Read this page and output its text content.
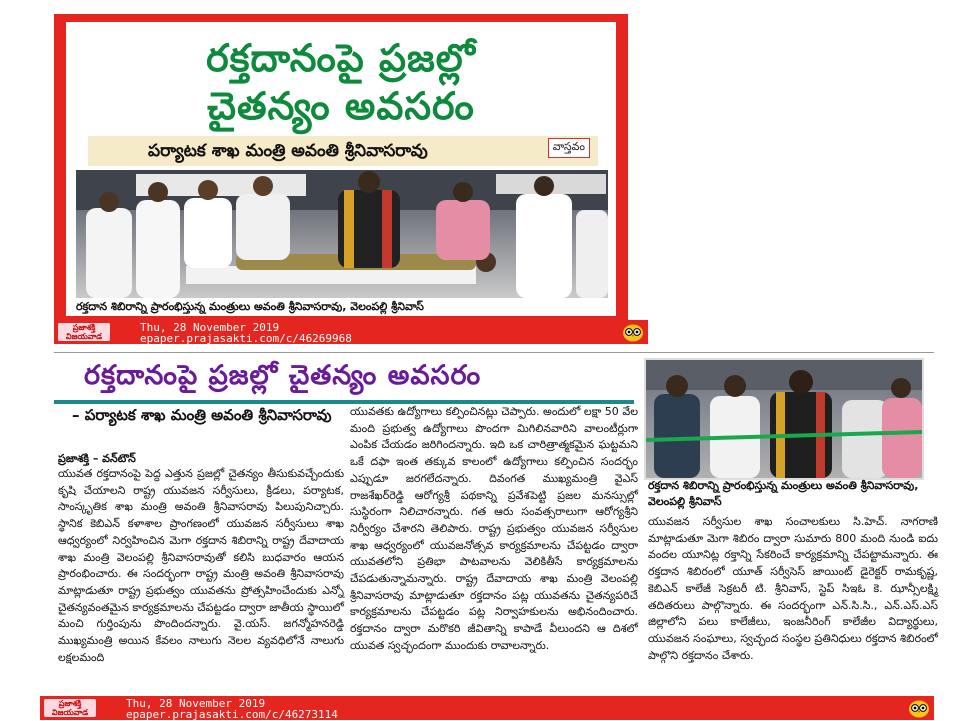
రక్తదానంపై ప్రజల్లో
చైతన్యం అవసరం
పర్యాటక శాఖ మంత్రి అవంతి శ్రీనివాసరావు	వాస్తవం
రక్తదాన శిబిరాన్ని ప్రారంభిస్తున్న మంత్రులు అవంతి శ్రీనివాసరావు, వెలంపల్లి శ్రీనివాస్
ప్రజాశక్తి విజయవాడ
Thu, 28 November 2019
epaper.prajasakti.com/c/46269968
రక్తదానంపై ప్రజల్లో చైతన్యం అవసరం
– పర్యాటక శాఖ మంత్రి అవంతి శ్రీనివాసరావు
ప్రజాశక్తి – వన్‌టౌన్
యువత రక్తదానంపై పెద్ద ఎత్తున ప్రజల్లో చైతన్యం తీసుకువచ్చేందుకు కృషి చేయాలని రాష్ట్ర యువజన సర్వీసులు, క్రీడలు, పర్యాటక, సాంస్కృతిక శాఖ మంత్రి అవంతి శ్రీనివాసరావు పిలుపునిచ్చారు. స్థానిక కెబిఎన్ కళాశాల ప్రాంగణంలో యువజన సర్వీసులు శాఖ ఆధ్వర్యంలో నిర్వహించిన మెగా రక్తదాన శిబిరాన్ని రాష్ట్ర దేవాదాయ శాఖ మంత్రి వెలంపల్లి శ్రీనివాసరావుతో కలిసి బుధవారం ఆయన ప్రారంభించారు. ఈ సందర్భంగా రాష్ట్ర మంత్రి అవంతి శ్రీనివాసరావు మాట్లాడుతూ రాష్ట్ర ప్రభుత్వం యువతను ప్రోత్సహించేందుకు ఎన్నో చైతన్యవంతమైన కార్యక్రమాలను చేపట్టడం ద్వారా జాతీయ స్థాయిలో మంచి గుర్తింపును పొందిందన్నారు. వై.యస్. జగన్మోహనరెడ్డి ముఖ్యమంత్రి అయిన కేవలం నాలుగు నెలల వ్యవధిలోనే నాలుగు లక్షలమంది
యువతకు ఉద్యోగాలు కల్పించినట్లు చెప్పారు. అందులో లక్షా 50 వేల మంది ప్రభుత్వ ఉద్యోగాలు పొందగా మిగిలినవారిని వాలంటీర్లుగా ఎంపిక చేయడం జరిగిందన్నారు. ఇది ఒక చారిత్రాత్మకమైన ఘట్టమని ఒకే దఫా ఇంత తక్కువ కాలంలో ఉద్యోగాలు కల్పించిన సందర్భం ఎప్పుడూ జరగలేదన్నారు. దివంగత ముఖ్యమంత్రి వైఎస్ రాజశేఖర్‌రెడ్డి ఆరోగ్యశ్రీ పథకాన్ని ప్రవేశపెట్టి ప్రజల మనస్సుల్లో సుస్థిరంగా నిలిచారన్నారు. గత ఆరు సంవత్సరాలుగా ఆరోగ్యశ్రీని నిర్వీర్యం చేశారని తెలిపారు. రాష్ట్ర ప్రభుత్వం యువజన సర్వీసుల శాఖ ఆధ్వర్యంలో యువజనోత్సవ కార్యక్రమాలను చేపట్టడం ద్వారా యువతలోని ప్రతిభా పాటవాలను వెలికితీసే కార్యక్రమాలను చేపడుతున్నామన్నారు. రాష్ట్ర దేవాదాయ శాఖ మంత్రి వెలంపల్లి శ్రీనివాసరావు మాట్లాడుతూ రక్తదానం పట్ల యువతను చైతన్యపరిచే కార్యక్రమాలను చేపట్టడం పట్ల నిర్వాహకులను అభినందించారు. రక్తదానం ద్వారా మరొకరి జీవితాన్ని కాపాడే వీలుందని ఆ దిశలో యువత స్వచ్ఛందంగా ముందుకు రావాలన్నారు.
రక్తదాన శిబిరాన్ని ప్రారంభిస్తున్న మంత్రులు అవంతి శ్రీనివాసరావు, వెలంపల్లి శ్రీనివాస్
యువజన సర్వీసుల శాఖ సంచాలకులు సి.హెచ్. నాగరాణి మాట్లాడుతూ మెగా శిబిరం ద్వారా సుమారు 800 మంది నుండి ఐదు వందల యూనిట్ల రక్తాన్ని సేకరించే కార్యక్రమాన్ని చేపట్టామన్నారు. ఈ రక్తదాన శిబిరంలో యూత్ సర్వీసెస్ జాయింట్ డైరెక్టర్ రామకృష్ణ, కెబిఎన్ కాలేజీ సెక్రటరీ టి. శ్రీనివాస్, స్టెప్ సిఇఓ కె. ఝాన్సీలక్ష్మి తదితరులు పాల్గొన్నారు. ఈ సందర్భంగా ఎన్.సి.సి., ఎన్.ఎస్.ఎస్ జిల్లాలోని పలు కాలేజీలు, ఇంజనీరింగ్ కాలేజీల విద్యార్థులు, యువజన సంఘాలు, స్వచ్ఛంద సంస్థల ప్రతినిధులు రక్తదాన శిబిరంలో పాల్గొని రక్తదానం చేశారు.
ప్రజాశక్తి విజయవాడ
Thu, 28 November 2019
epaper.prajasakti.com/c/46273114
